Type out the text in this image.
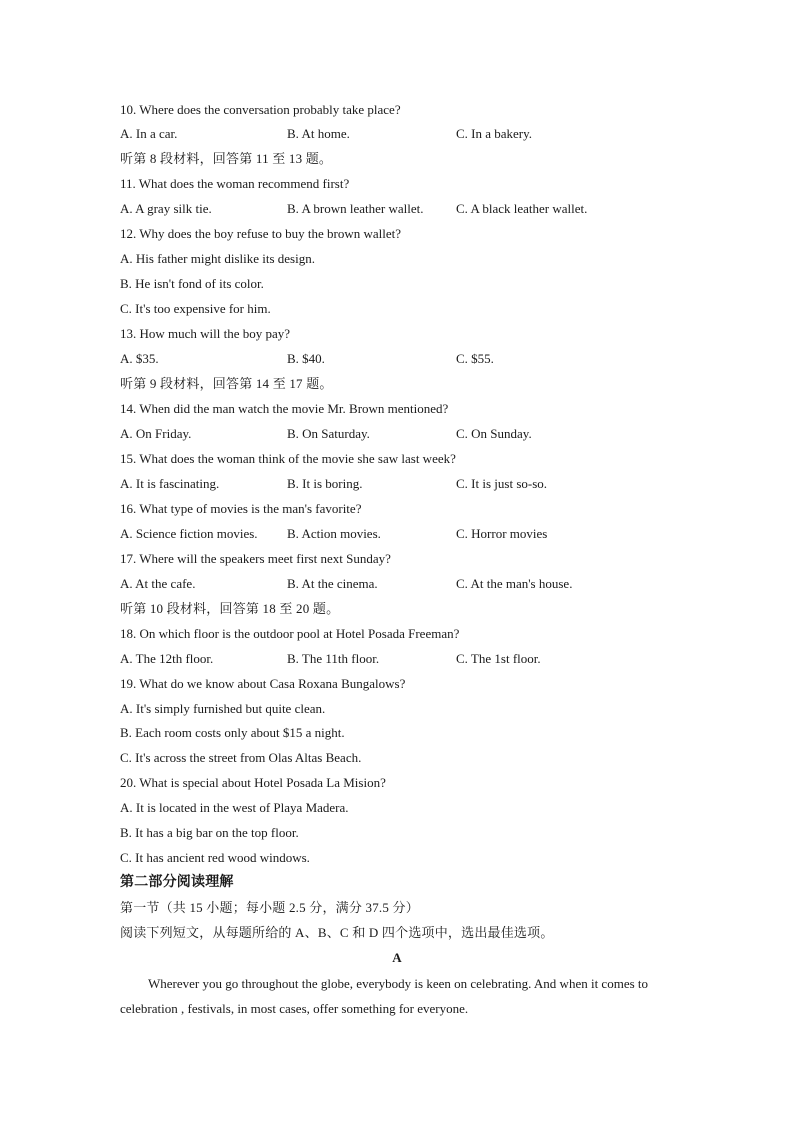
10. Where does the conversation probably take place?
A. In a car.	B. At home.	C. In a bakery.
听第 8 段材料，回答第 11 至 13 题。
11. What does the woman recommend first?
A. A gray silk tie.	B. A brown leather wallet.	C. A black leather wallet.
12. Why does the boy refuse to buy the brown wallet?
A. His father might dislike its design.
B. He isn't fond of its color.
C. It's too expensive for him.
13. How much will the boy pay?
A. $35.	B. $40.	C. $55.
听第 9 段材料，回答第 14 至 17 题。
14. When did the man watch the movie Mr. Brown mentioned?
A. On Friday.	B. On Saturday.	C. On Sunday.
15. What does the woman think of the movie she saw last week?
A. It is fascinating.	B. It is boring.	C. It is just so-so.
16. What type of movies is the man's favorite?
A. Science fiction movies. B. Action movies.	C. Horror movies
17. Where will the speakers meet first next Sunday?
A. At the cafe.	B. At the cinema.	C. At the man's house.
听第 10 段材料，回答第 18 至 20 题。
18. On which floor is the outdoor pool at Hotel Posada Freeman?
A. The 12th floor.	B. The 11th floor.	C. The 1st floor.
19. What do we know about Casa Roxana Bungalows?
A. It's simply furnished but quite clean.
B. Each room costs only about $15 a night.
C. It's across the street from Olas Altas Beach.
20. What is special about Hotel Posada La Mision?
A. It is located in the west of Playa Madera.
B. It has a big bar on the top floor.
C. It has ancient red wood windows.
第二部分阅读理解
第一节（共 15 小题；每小题 2.5 分，满分 37.5 分）
阅读下列短文，从每题所给的 A、B、C 和 D 四个选项中，选出最佳选项。
A
Wherever you go throughout the globe, everybody is keen on celebrating. And when it comes to celebration , festivals, in most cases, offer something for everyone.
